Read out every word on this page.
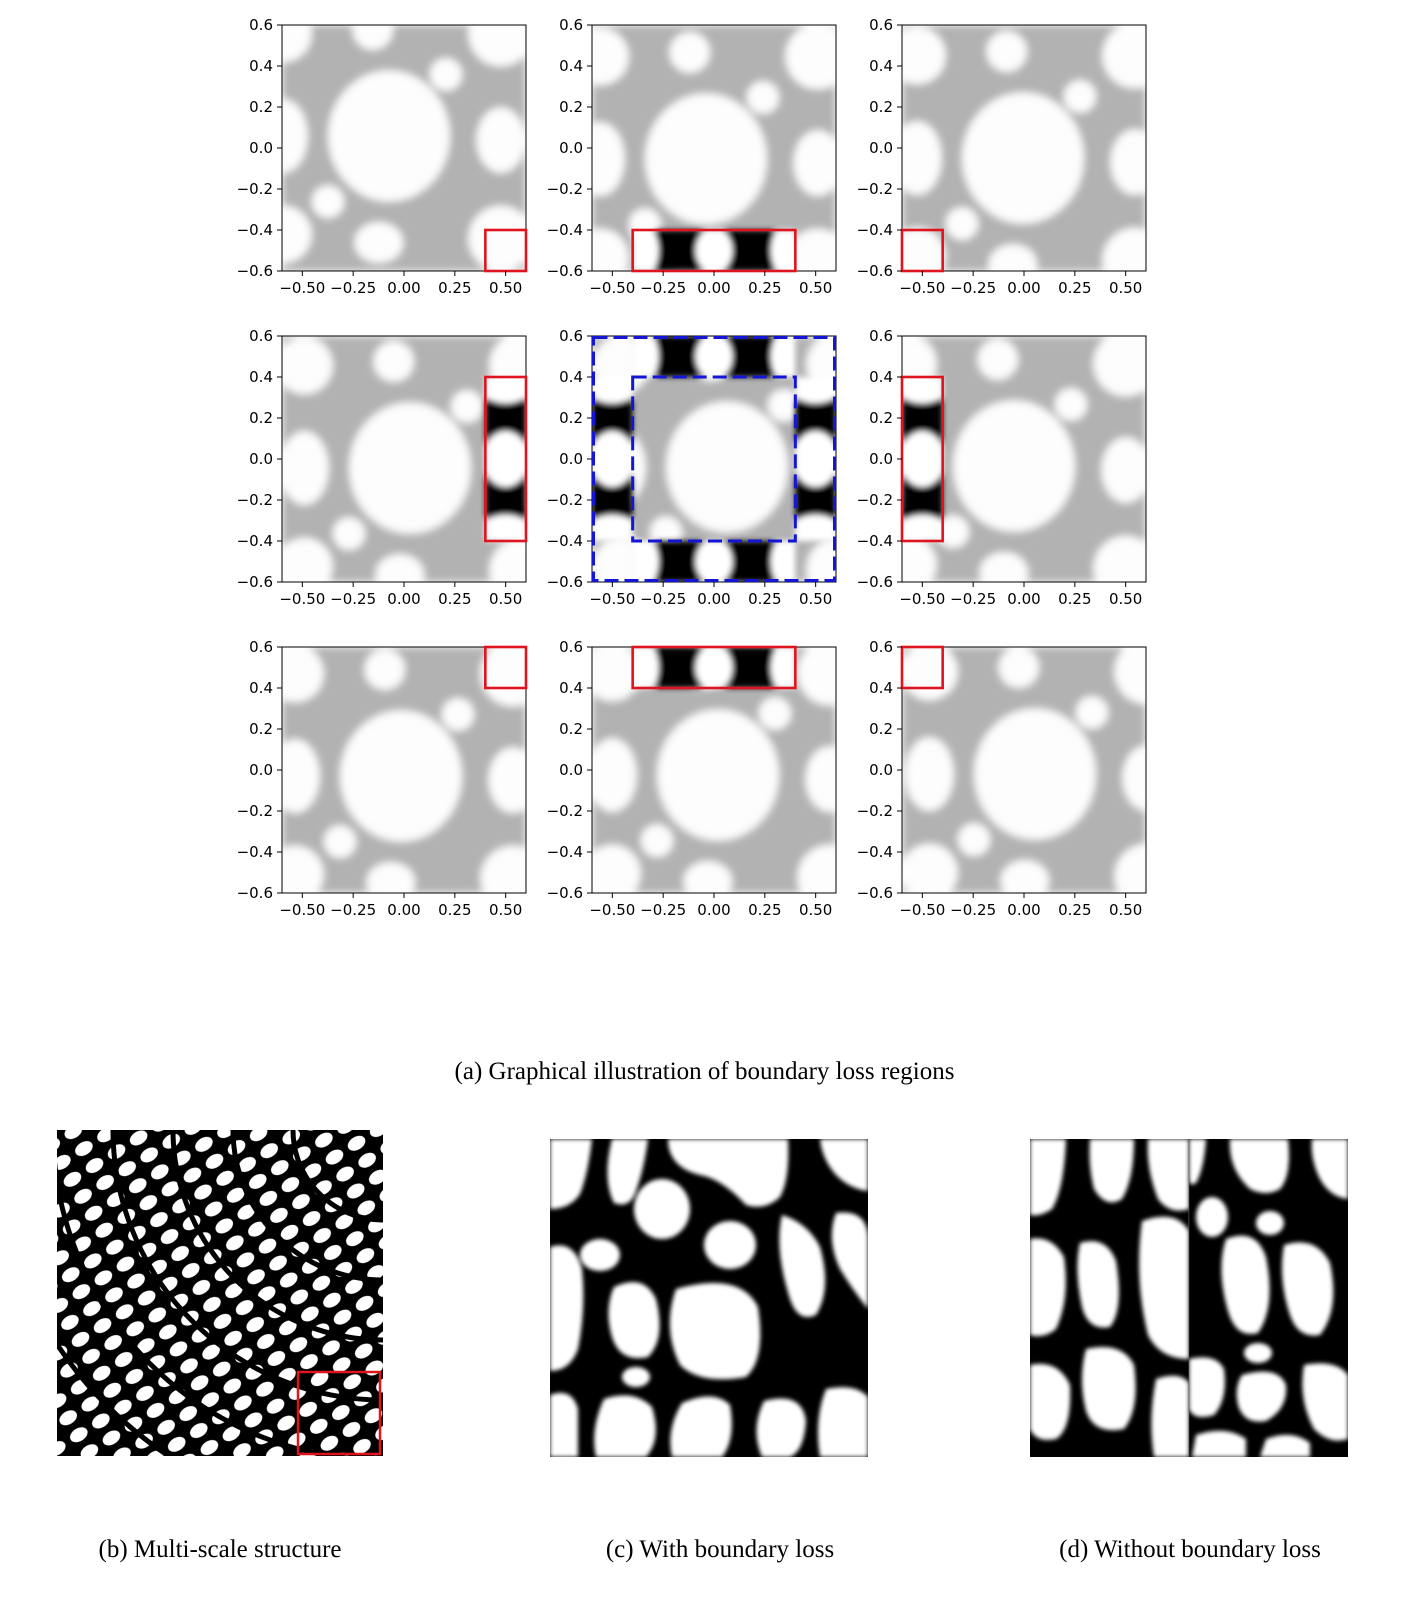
−0.50 −0.25 0.00 0.25 0.50
0.6
0.4
0.2
0.0
−0.2
−0.4
−0.6
−0.50 −0.25 0.00 0.25 0.50
0.6
0.4
0.2
0.0
−0.2
−0.4
−0.6
−0.50 −0.25 0.00 0.25 0.50
0.6
0.4
0.2
0.0
−0.2
−0.4
−0.6
−0.50 −0.25 0.00 0.25 0.50
0.6
0.4
0.2
0.0
−0.2
−0.4
−0.6
−0.50 −0.25 0.00 0.25 0.50
0.6
0.4
0.2
0.0
−0.2
−0.4
−0.6
−0.50 −0.25 0.00 0.25 0.50
0.6
0.4
0.2
0.0
−0.2
−0.4
−0.6
−0.50 −0.25 0.00 0.25 0.50
0.6
0.4
0.2
0.0
−0.2
−0.4
−0.6
−0.50 −0.25 0.00 0.25 0.50
0.6
0.4
0.2
0.0
−0.2
−0.4
−0.6
−0.50 −0.25 0.00 0.25 0.50
0.6
0.4
0.2
0.0
−0.2
−0.4
−0.6
(a) Graphical illustration of boundary loss regions
(b) Multi-scale structure	(c) With boundary loss	(d) Without boundary loss
